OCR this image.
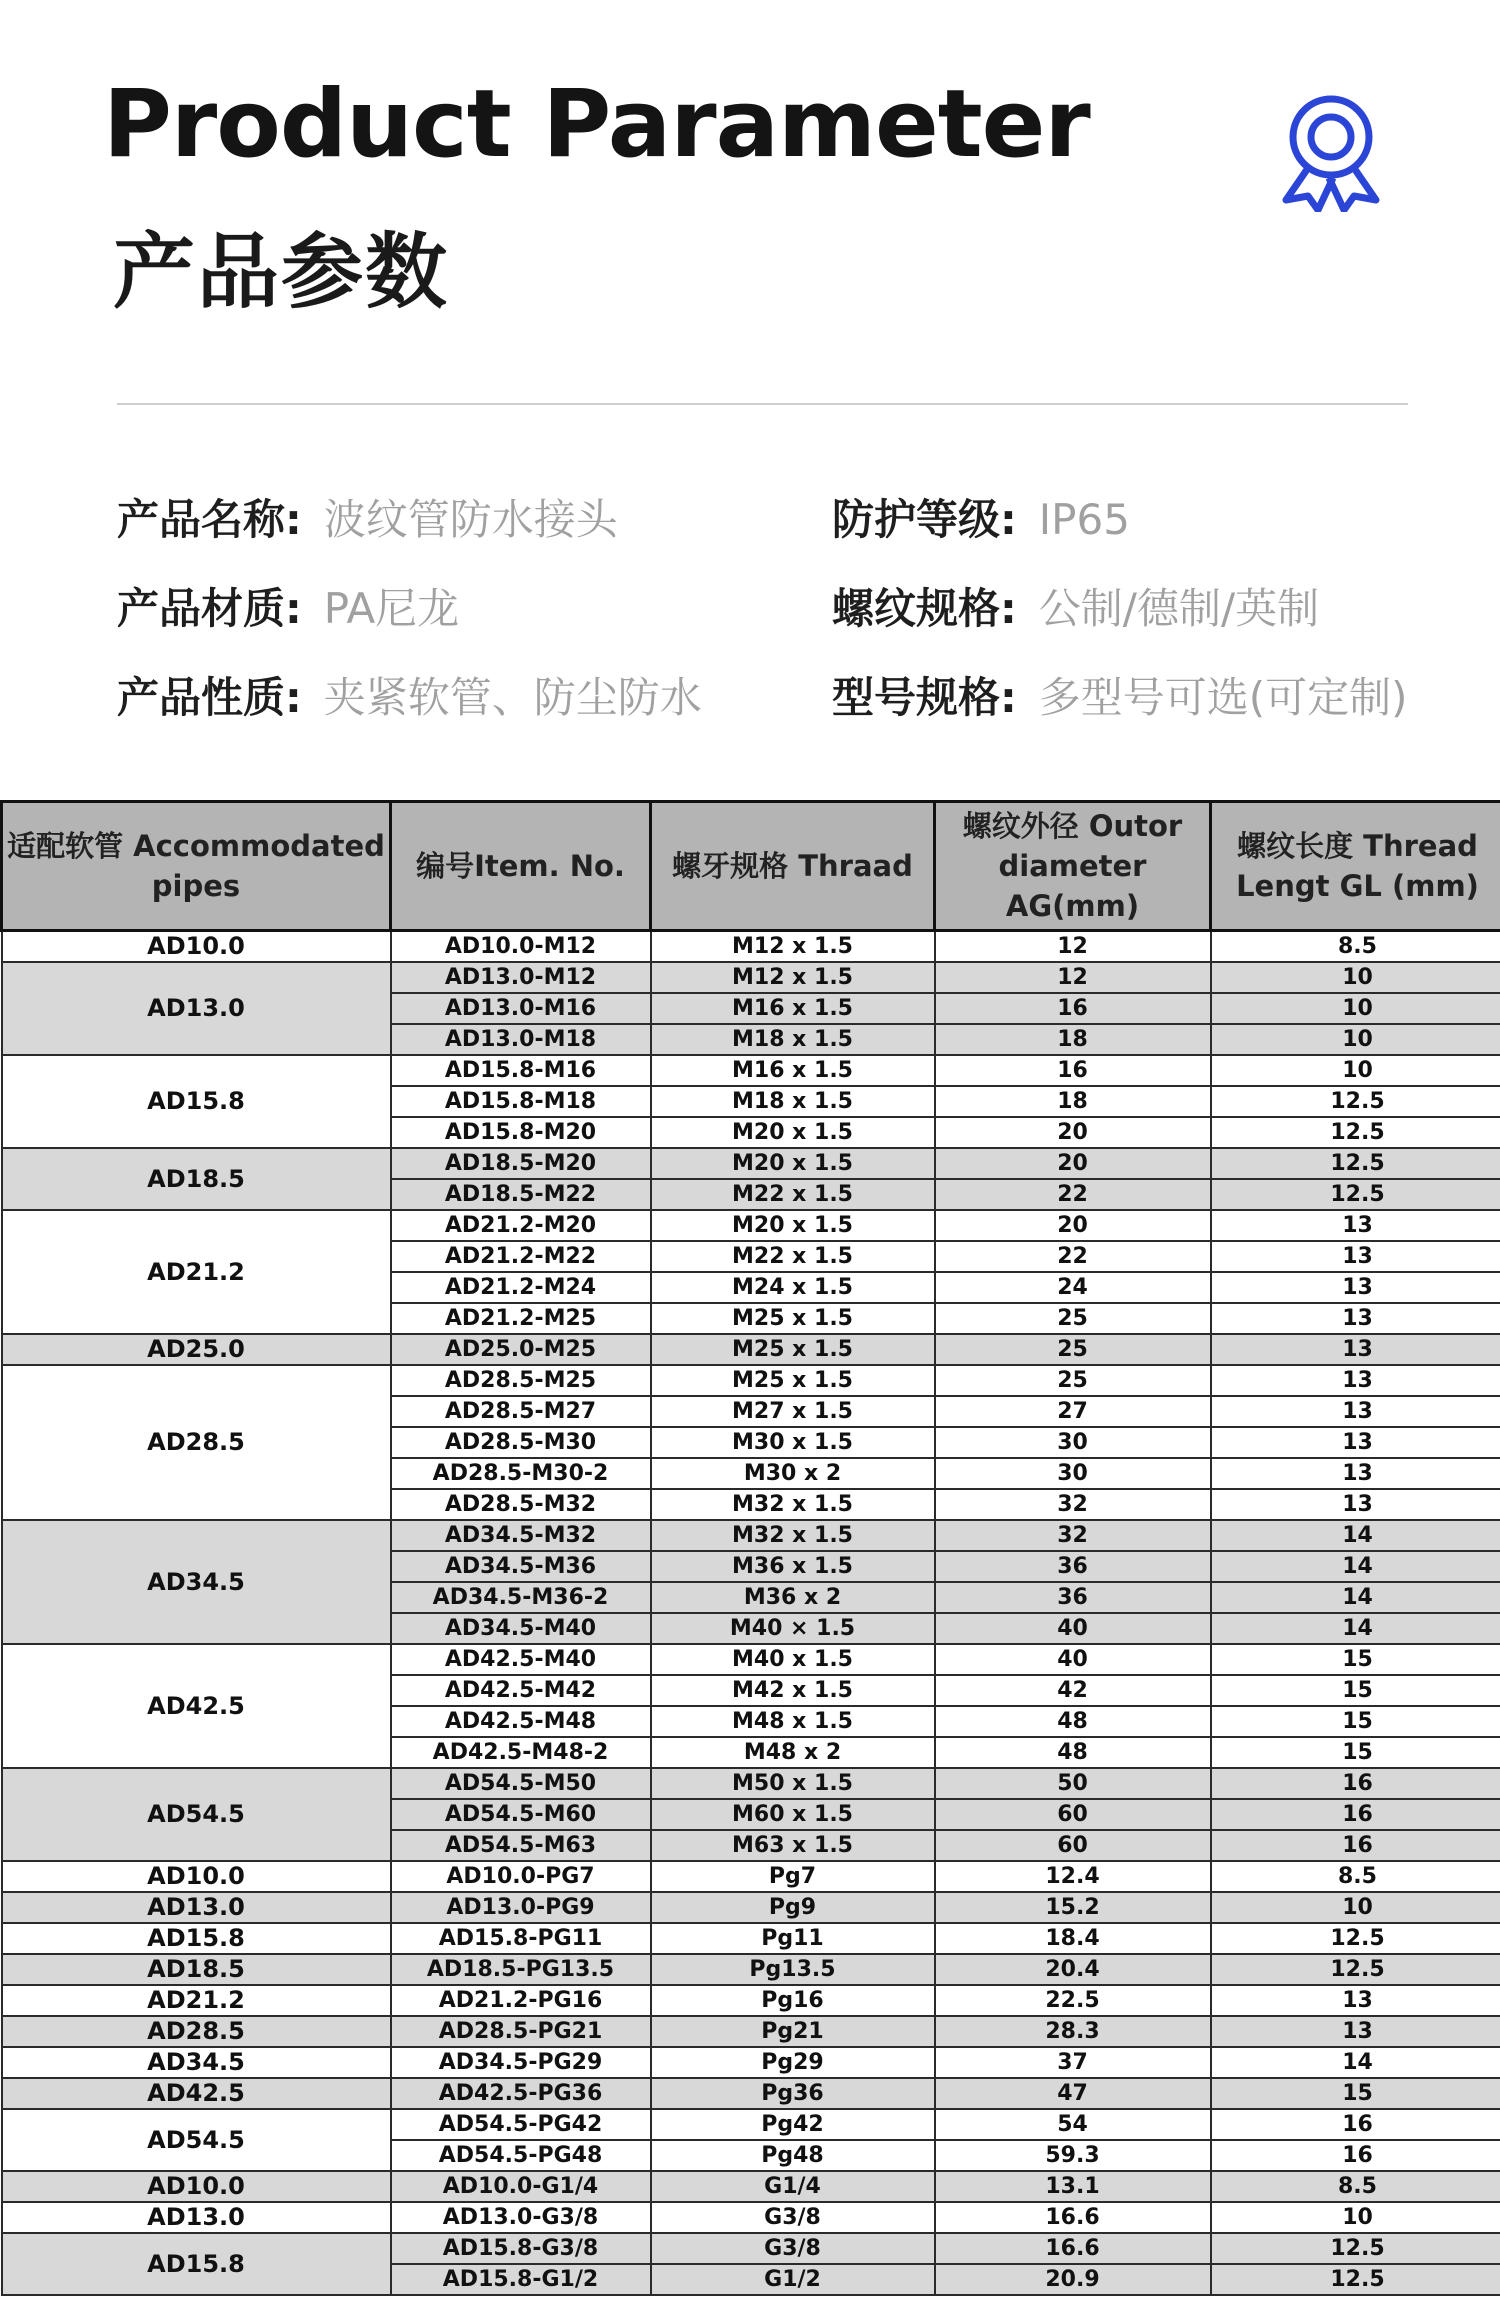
Product Parameter
产品参数
产品名称: 波纹管防水接头	防护等级: IP65
产品材质: PA尼龙	螺纹规格: 公制/德制/英制
产品性质: 夹紧软管、防尘防水	型号规格: 多型号可选(可定制)
适配软管 Accommodated pipes	编号Item. No.	螺牙规格 Thraad	螺纹外径 Outor diameter AG(mm)	螺纹长度 Thread Lengt GL (mm)
AD10.0	AD10.0-M12	M12 x 1.5	12	8.5
AD13.0	AD13.0-M12	M12 x 1.5	12	10
	AD13.0-M16	M16 x 1.5	16	10
	AD13.0-M18	M18 x 1.5	18	10
AD15.8	AD15.8-M16	M16 x 1.5	16	10
	AD15.8-M18	M18 x 1.5	18	12.5
	AD15.8-M20	M20 x 1.5	20	12.5
AD18.5	AD18.5-M20	M20 x 1.5	20	12.5
	AD18.5-M22	M22 x 1.5	22	12.5
AD21.2	AD21.2-M20	M20 x 1.5	20	13
	AD21.2-M22	M22 x 1.5	22	13
	AD21.2-M24	M24 x 1.5	24	13
	AD21.2-M25	M25 x 1.5	25	13
AD25.0	AD25.0-M25	M25 x 1.5	25	13
AD28.5	AD28.5-M25	M25 x 1.5	25	13
	AD28.5-M27	M27 x 1.5	27	13
	AD28.5-M30	M30 x 1.5	30	13
	AD28.5-M30-2	M30 x 2	30	13
	AD28.5-M32	M32 x 1.5	32	13
AD34.5	AD34.5-M32	M32 x 1.5	32	14
	AD34.5-M36	M36 x 1.5	36	14
	AD34.5-M36-2	M36 x 2	36	14
	AD34.5-M40	M40 × 1.5	40	14
AD42.5	AD42.5-M40	M40 x 1.5	40	15
	AD42.5-M42	M42 x 1.5	42	15
	AD42.5-M48	M48 x 1.5	48	15
	AD42.5-M48-2	M48 x 2	48	15
AD54.5	AD54.5-M50	M50 x 1.5	50	16
	AD54.5-M60	M60 x 1.5	60	16
	AD54.5-M63	M63 x 1.5	60	16
AD10.0	AD10.0-PG7	Pg7	12.4	8.5
AD13.0	AD13.0-PG9	Pg9	15.2	10
AD15.8	AD15.8-PG11	Pg11	18.4	12.5
AD18.5	AD18.5-PG13.5	Pg13.5	20.4	12.5
AD21.2	AD21.2-PG16	Pg16	22.5	13
AD28.5	AD28.5-PG21	Pg21	28.3	13
AD34.5	AD34.5-PG29	Pg29	37	14
AD42.5	AD42.5-PG36	Pg36	47	15
AD54.5	AD54.5-PG42	Pg42	54	16
	AD54.5-PG48	Pg48	59.3	16
AD10.0	AD10.0-G1/4	G1/4	13.1	8.5
AD13.0	AD13.0-G3/8	G3/8	16.6	10
AD15.8	AD15.8-G3/8	G3/8	16.6	12.5
	AD15.8-G1/2	G1/2	20.9	12.5
